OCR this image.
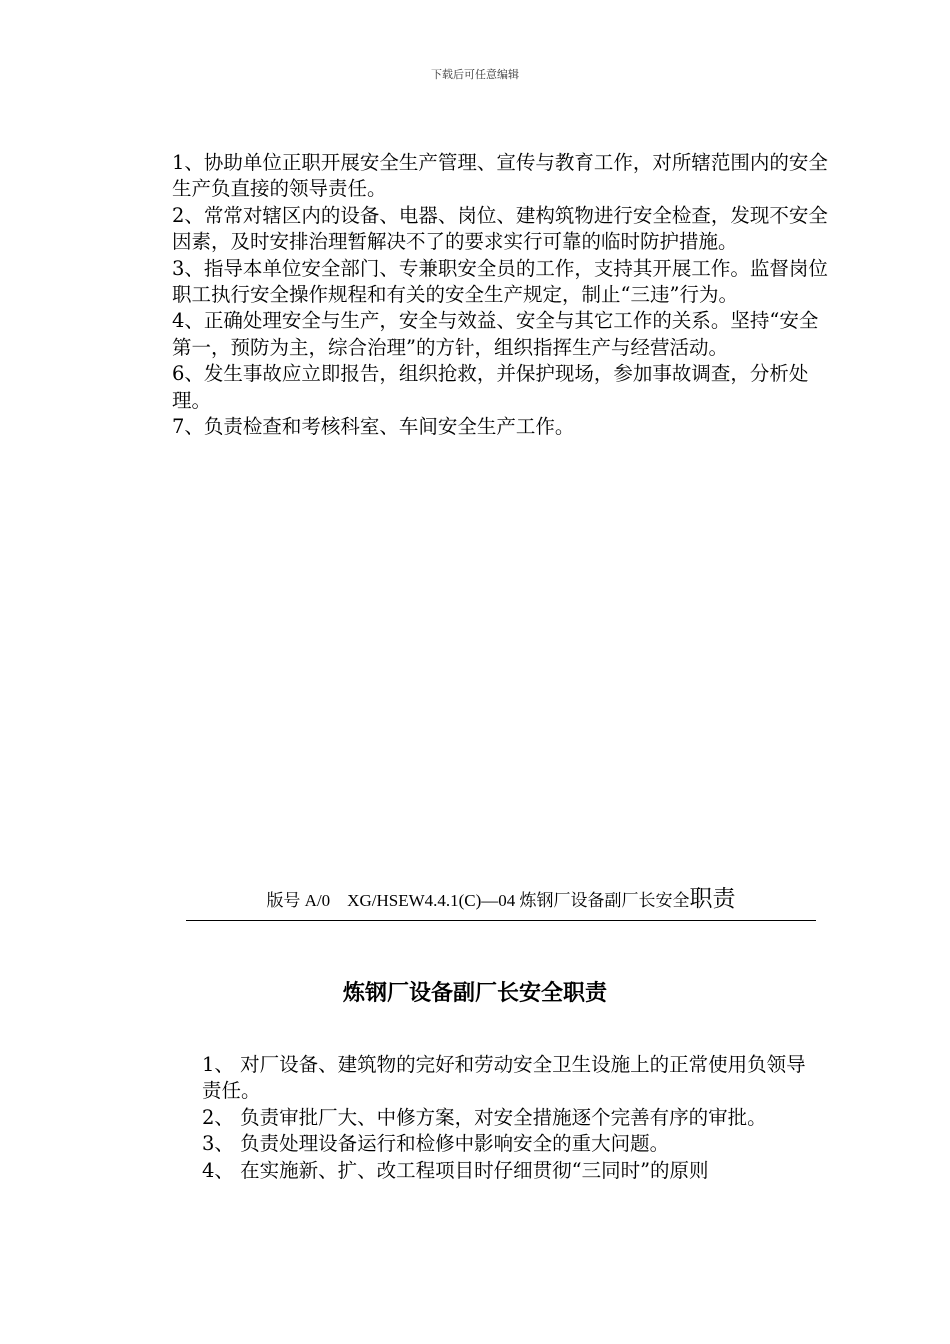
下载后可任意编辑

1、协助单位正职开展安全生产管理、宣传与教育工作，对所辖范围内的安全生产负直接的领导责任。

2、常常对辖区内的设备、电器、岗位、建构筑物进行安全检查，发现不安全因素，及时安排治理暂解决不了的要求实行可靠的临时防护措施。

3、指导本单位安全部门、专兼职安全员的工作，支持其开展工作。监督岗位职工执行安全操作规程和有关的安全生产规定，制止“三违”行为。

4、正确处理安全与生产，安全与效益、安全与其它工作的关系。坚持“安全第一，预防为主，综合治理”的方针，组织指挥生产与经营活动。

6、发生事故应立即报告，组织抢救，并保护现场，参加事故调查，分析处理。

7、负责检查和考核科室、车间安全生产工作。

版号 A/0　XG/HSEW4.4.1(C)—04 炼钢厂设备副厂长安全职责
炼钢厂设备副厂长安全职责

1、 对厂设备、建筑物的完好和劳动安全卫生设施上的正常使用负领导责任。

2、 负责审批厂大、中修方案，对安全措施逐个完善有序的审批。

3、 负责处理设备运行和检修中影响安全的重大问题。

4、 在实施新、扩、改工程项目时仔细贯彻“三同时”的原则
